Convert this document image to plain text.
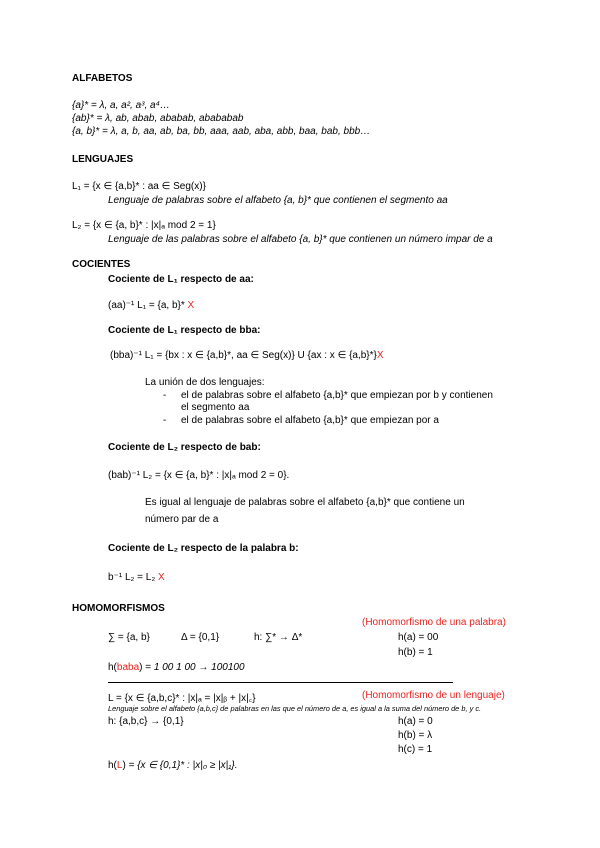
ALFABETOS
{a}* = λ, a, a², a³, a⁴…
{ab}* = λ, ab, abab, ababab, abababab
{a, b}* = λ, a, b, aa, ab, ba, bb, aaa, aab, aba, abb, baa, bab, bbb…
LENGUAJES
L₁ = {x ∈ {a,b}* : aa ∈ Seg(x)}
Lenguaje de palabras sobre el alfabeto {a, b}* que contienen el segmento aa
L₂ = {x ∈ {a, b}* : |x|ₐ mod 2 = 1}
Lenguaje de las palabras sobre el alfabeto {a, b}* que contienen un número impar de a
COCIENTES
Cociente de L₁ respecto de aa:
(aa)⁻¹ L₁ = {a, b}* X
Cociente de L₁ respecto de bba:
(bba)⁻¹ L₁ = {bx : x ∈ {a,b}*, aa ∈ Seg(x)} U {ax : x ∈ {a,b}*}X
La unión de dos lenguajes:
- el de palabras sobre el alfabeto {a,b}* que empiezan por b y contienen
el segmento aa
- el de palabras sobre el alfabeto {a,b}* que empiezan por a
Cociente de L₂ respecto de bab:
(bab)⁻¹ L₂ = {x ∈ {a, b}* : |x|ₐ mod 2 = 0}.
Es igual al lenguaje de palabras sobre el alfabeto {a,b}* que contiene un
número par de a
Cociente de L₂ respecto de la palabra b:
b⁻¹ L₂ = L₂ X
HOMOMORFISMOS
(Homomorfismo de una palabra)
∑ = {a, b}	Δ = {0,1}	h: ∑* → Δ*	h(a) = 00
h(b) = 1
h(baba) = 1 00 1 00 → 100100
L = {x ∈ {a,b,c}* : |x|ₐ = |x|ᵦ + |x|꜀}	(Homomorfismo de un lenguaje)
Lenguaje sobre el alfabeto {a,b,c} de palabras en las que el número de a, es igual a la suma del número de b, y c.
h: {a,b,c} → {0,1}	h(a) = 0
h(b) = λ
h(c) = 1
h(L) = {x ∈ {0,1}* : |x|₀ ≥ |x|₁}.
